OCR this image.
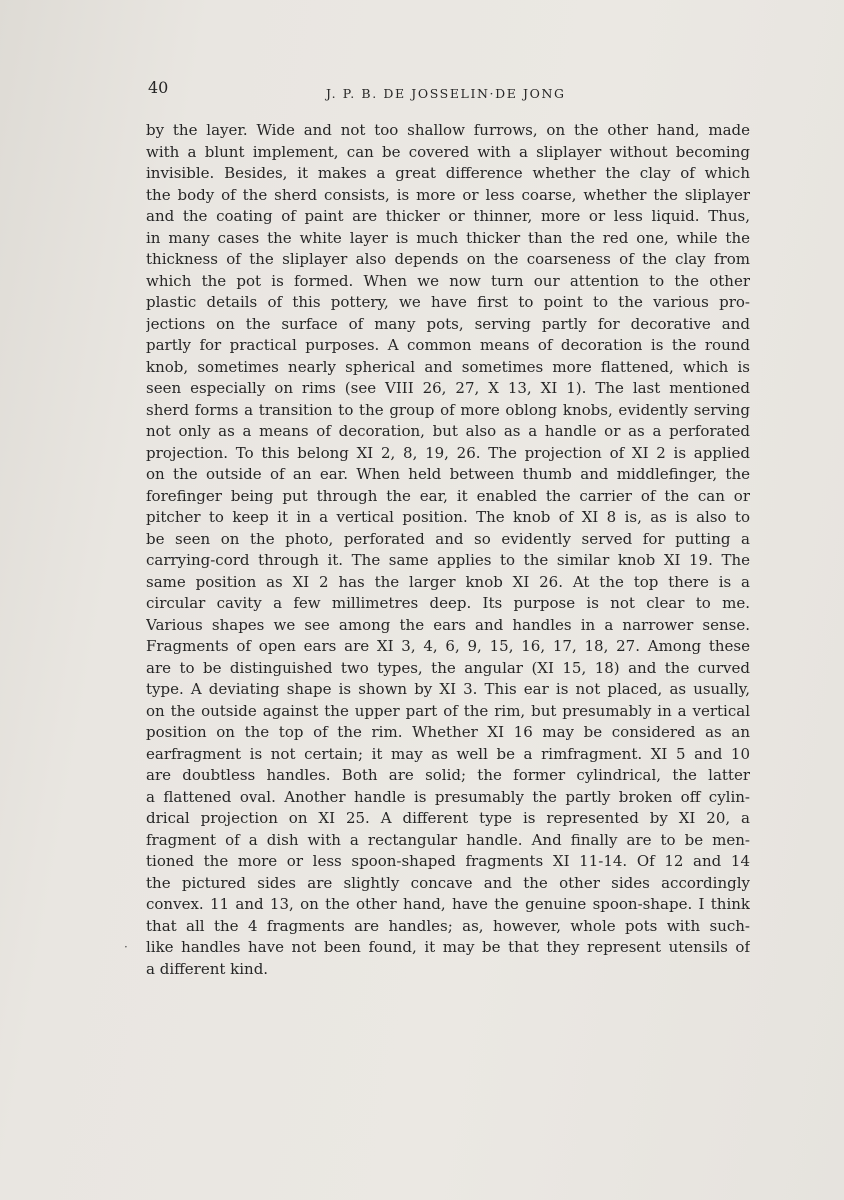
40	J. P. B. DE JOSSELIN·DE JONG
by the layer. Wide and not too shallow furrows, on the other hand, made
with a blunt implement, can be covered with a sliplayer without becoming
invisible. Besides, it makes a great difference whether the clay of which
the body of the sherd consists, is more or less coarse, whether the sliplayer
and the coating of paint are thicker or thinner, more or less liquid. Thus,
in many cases the white layer is much thicker than the red one, while the
thickness of the sliplayer also depends on the coarseness of the clay from
which the pot is formed. When we now turn our attention to the other
plastic details of this pottery, we have first to point to the various pro-
jections on the surface of many pots, serving partly for decorative and
partly for practical purposes. A common means of decoration is the round
knob, sometimes nearly spherical and sometimes more flattened, which is
seen especially on rims (see VIII 26, 27, X 13, XI 1). The last mentioned
sherd forms a transition to the group of more oblong knobs, evidently serving
not only as a means of decoration, but also as a handle or as a perforated
projection. To this belong XI 2, 8, 19, 26. The projection of XI 2 is applied
on the outside of an ear. When held between thumb and middlefinger, the
forefinger being put through the ear, it enabled the carrier of the can or
pitcher to keep it in a vertical position. The knob of XI 8 is, as is also to
be seen on the photo, perforated and so evidently served for putting a
carrying-cord through it. The same applies to the similar knob XI 19. The
same position as XI 2 has the larger knob XI 26. At the top there is a
circular cavity a few millimetres deep. Its purpose is not clear to me.
Various shapes we see among the ears and handles in a narrower sense.
Fragments of open ears are XI 3, 4, 6, 9, 15, 16, 17, 18, 27. Among these
are to be distinguished two types, the angular (XI 15, 18) and the curved
type. A deviating shape is shown by XI 3. This ear is not placed, as usually,
on the outside against the upper part of the rim, but presumably in a vertical
position on the top of the rim. Whether XI 16 may be considered as an
earfragment is not certain; it may as well be a rimfragment. XI 5 and 10
are doubtless handles. Both are solid; the former cylindrical, the latter
a flattened oval. Another handle is presumably the partly broken off cylin-
drical projection on XI 25. A different type is represented by XI 20, a
fragment of a dish with a rectangular handle. And finally are to be men-
tioned the more or less spoon-shaped fragments XI 11-14. Of 12 and 14
the pictured sides are slightly concave and the other sides accordingly
convex. 11 and 13, on the other hand, have the genuine spoon-shape. I think
that all the 4 fragments are handles; as, however, whole pots with such-
like handles have not been found, it may be that they represent utensils of
a different kind.
·
